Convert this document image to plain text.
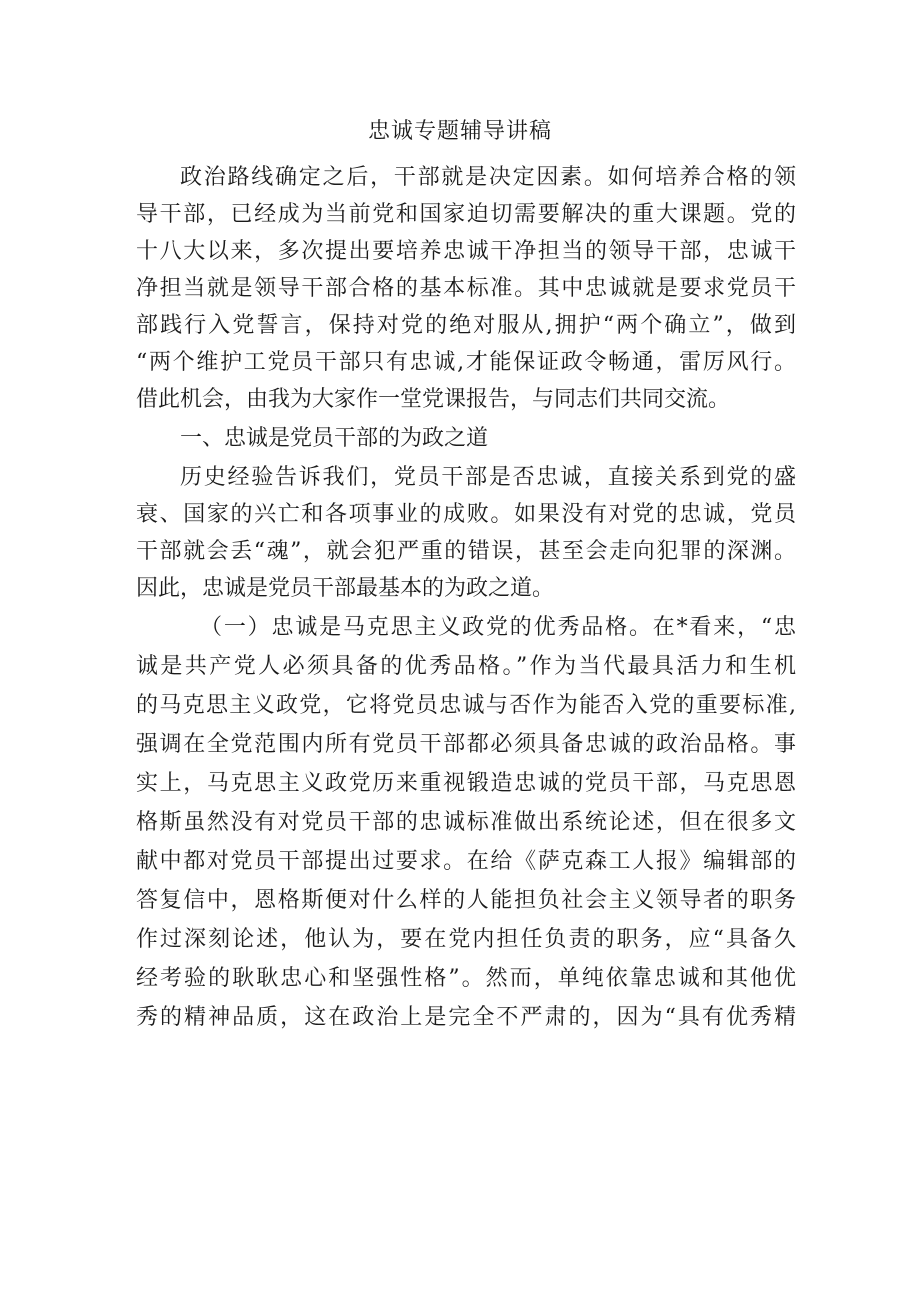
忠诚专题辅导讲稿
政治路线确定之后，干部就是决定因素。如何培养合格的领
导干部，已经成为当前党和国家迫切需要解决的重大课题。党的
十八大以来，多次提出要培养忠诚干净担当的领导干部，忠诚干
净担当就是领导干部合格的基本标准。其中忠诚就是要求党员干
部践行入党誓言，保持对党的绝对服从,拥护“两个确立”，做到
“两个维护工党员干部只有忠诚,才能保证政令畅通，雷厉风行。
借此机会，由我为大家作一堂党课报告，与同志们共同交流。
一、忠诚是党员干部的为政之道
历史经验告诉我们，党员干部是否忠诚，直接关系到党的盛
衰、国家的兴亡和各项事业的成败。如果没有对党的忠诚，党员
干部就会丢“魂”，就会犯严重的错误，甚至会走向犯罪的深渊。
因此，忠诚是党员干部最基本的为政之道。
（一）忠诚是马克思主义政党的优秀品格。在*看来，“忠
诚是共产党人必须具备的优秀品格。”作为当代最具活力和生机
的马克思主义政党，它将党员忠诚与否作为能否入党的重要标准,
强调在全党范围内所有党员干部都必须具备忠诚的政治品格。事
实上，马克思主义政党历来重视锻造忠诚的党员干部，马克思恩
格斯虽然没有对党员干部的忠诚标准做出系统论述，但在很多文
献中都对党员干部提出过要求。在给《萨克森工人报》编辑部的
答复信中，恩格斯便对什么样的人能担负社会主义领导者的职务
作过深刻论述，他认为，要在党内担任负责的职务，应“具备久
经考验的耿耿忠心和坚强性格”。然而，单纯依靠忠诚和其他优
秀的精神品质，这在政治上是完全不严肃的，因为“具有优秀精
